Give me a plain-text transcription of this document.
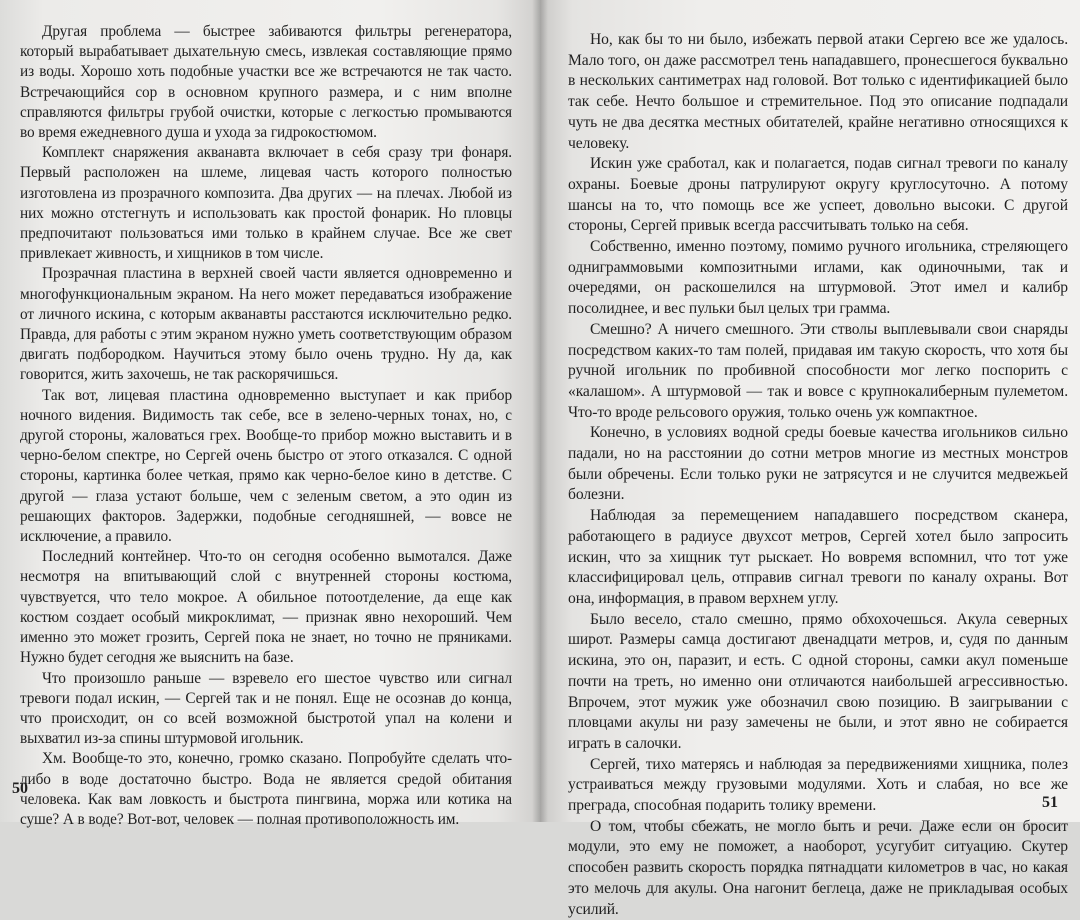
Другая проблема — быстрее забиваются фильтры регенератора, который вырабатывает дыхательную смесь, извлекая составляющие прямо из воды. Хорошо хоть подобные участки все же встречаются не так часто. Встречающийся сор в основном крупного размера, и с ним вполне справляются фильтры грубой очистки, которые с легкостью промываются во время ежедневного душа и ухода за гидрокостюмом.

Комплект снаряжения акванавта включает в себя сразу три фонаря. Первый расположен на шлеме, лицевая часть которого полностью изготовлена из прозрачного композита. Два других — на плечах. Любой из них можно отстегнуть и использовать как простой фонарик. Но пловцы предпочитают пользоваться ими только в крайнем случае. Все же свет привлекает живность, и хищников в том числе.

Прозрачная пластина в верхней своей части является одновременно и многофункциональным экраном. На него может передаваться изображение от личного искина, с которым акванавты расстаются исключительно редко. Правда, для работы с этим экраном нужно уметь соответствующим образом двигать подбородком. Научиться этому было очень трудно. Ну да, как говорится, жить захочешь, не так раскорячишься.

Так вот, лицевая пластина одновременно выступает и как прибор ночного видения. Видимость так себе, все в зелено-черных тонах, но, с другой стороны, жаловаться грех. Вообще-то прибор можно выставить и в черно-белом спектре, но Сергей очень быстро от этого отказался. С одной стороны, картинка более четкая, прямо как черно-белое кино в детстве. С другой — глаза устают больше, чем с зеленым светом, а это один из решающих факторов. Задержки, подобные сегодняшней, — вовсе не исключение, а правило.

Последний контейнер. Что-то он сегодня особенно вымотался. Даже несмотря на впитывающий слой с внутренней стороны костюма, чувствуется, что тело мокрое. А обильное потоотделение, да еще как костюм создает особый микроклимат, — признак явно нехороший. Чем именно это может грозить, Сергей пока не знает, но точно не пряниками. Нужно будет сегодня же выяснить на базе.

Что произошло раньше — взревело его шестое чувство или сигнал тревоги подал искин, — Сергей так и не понял. Еще не осознав до конца, что происходит, он со всей возможной быстротой упал на колени и выхватил из-за спины штурмовой игольник.

Хм. Вообще-то это, конечно, громко сказано. Попробуйте сделать что-либо в воде достаточно быстро. Вода не является средой обитания человека. Как вам ловкость и быстрота пингвина, моржа или котика на суше? А в воде? Вот-вот, человек — полная противоположность им.

50

Но, как бы то ни было, избежать первой атаки Сергею все же удалось. Мало того, он даже рассмотрел тень нападавшего, пронесшегося буквально в нескольких сантиметрах над головой. Вот только с идентификацией было так себе. Нечто большое и стремительное. Под это описание подпадали чуть не два десятка местных обитателей, крайне негативно относящихся к человеку.

Искин уже сработал, как и полагается, подав сигнал тревоги по каналу охраны. Боевые дроны патрулируют округу круглосуточно. А потому шансы на то, что помощь все же успеет, довольно высоки. С другой стороны, Сергей привык всегда рассчитывать только на себя.

Собственно, именно поэтому, помимо ручного игольника, стреляющего одниграммовыми композитными иглами, как одиночными, так и очередями, он раскошелился на штурмовой. Этот имел и калибр посолиднее, и вес пульки был целых три грамма.

Смешно? А ничего смешного. Эти стволы выплевывали свои снаряды посредством каких-то там полей, придавая им такую скорость, что хотя бы ручной игольник по пробивной способности мог легко поспорить с «калашом». А штурмовой — так и вовсе с крупнокалиберным пулеметом. Что-то вроде рельсового оружия, только очень уж компактное.

Конечно, в условиях водной среды боевые качества игольников сильно падали, но на расстоянии до сотни метров многие из местных монстров были обречены. Если только руки не затрясутся и не случится медвежьей болезни.

Наблюдая за перемещением нападавшего посредством сканера, работающего в радиусе двухсот метров, Сергей хотел было запросить искин, что за хищник тут рыскает. Но вовремя вспомнил, что тот уже классифицировал цель, отправив сигнал тревоги по каналу охраны. Вот она, информация, в правом верхнем углу.

Было весело, стало смешно, прямо обхохочешься. Акула северных широт. Размеры самца достигают двенадцати метров, и, судя по данным искина, это он, паразит, и есть. С одной стороны, самки акул поменьше почти на треть, но именно они отличаются наибольшей агрессивностью. Впрочем, этот мужик уже обозначил свою позицию. В заигрывании с пловцами акулы ни разу замечены не были, и этот явно не собирается играть в салочки.

Сергей, тихо матерясь и наблюдая за передвижениями хищника, полез устраиваться между грузовыми модулями. Хоть и слабая, но все же преграда, способная подарить толику времени.

О том, чтобы сбежать, не могло быть и речи. Даже если он бросит модули, это ему не поможет, а наоборот, усугубит ситуацию. Скутер способен развить скорость порядка пятнадцати километров в час, но какая это мелочь для акулы. Она нагонит беглеца, даже не прикладывая особых усилий.

51
